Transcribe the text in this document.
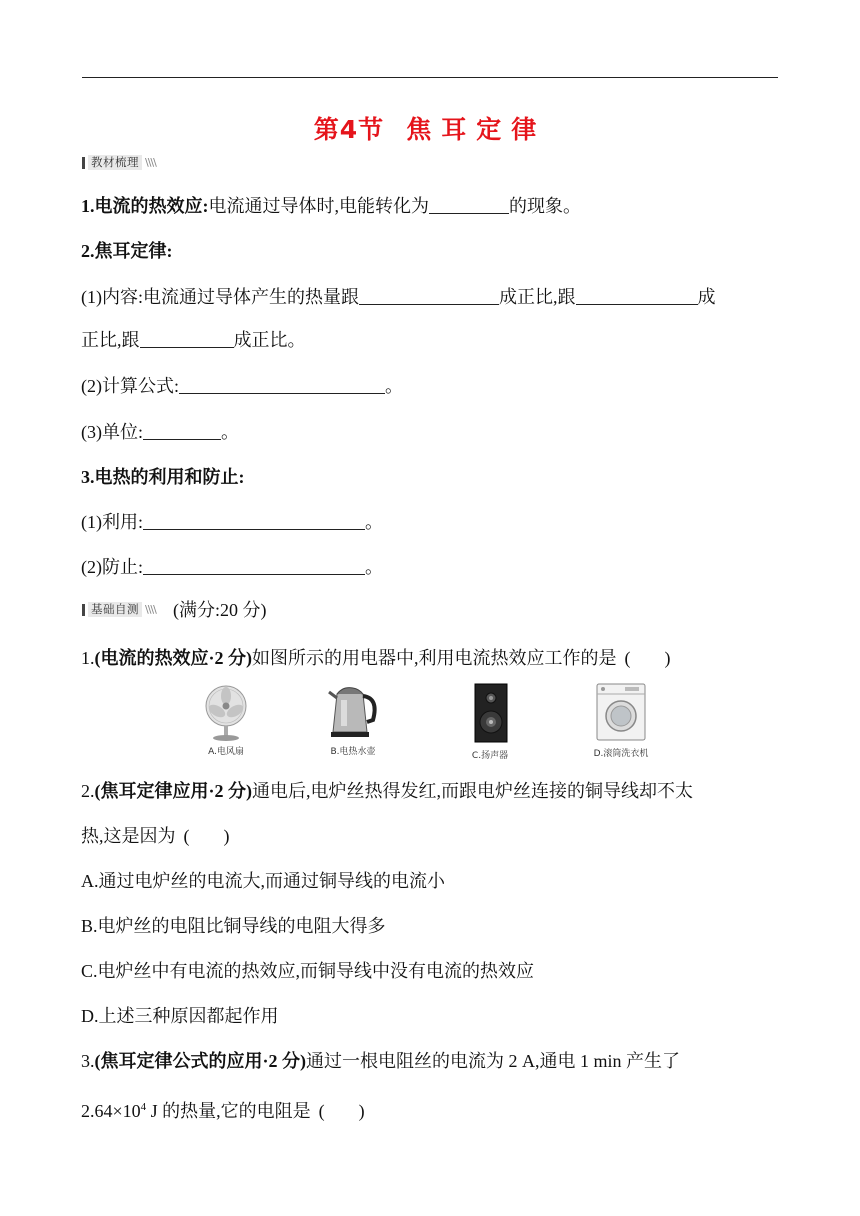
第4节 焦耳定律
教材梳理 \\\\
1.电流的热效应:电流通过导体时,电能转化为	的现象。
2.焦耳定律:
(1)内容:电流通过导体产生的热量跟	成正比,跟	成
正比,跟	成正比。
(2)计算公式:	。
(3)单位:	。
3.电热的利用和防止:
(1)利用:	。
(2)防止:	。
基础自测 \\\\ (满分:20 分)
1.(电流的热效应·2 分)如图所示的用电器中,利用电流热效应工作的是 ( )
A.电风扇	B.电热水壶	C.扬声器	D.滚筒洗衣机
2.(焦耳定律应用·2 分)通电后,电炉丝热得发红,而跟电炉丝连接的铜导线却不太
热,这是因为 ( )
A.通过电炉丝的电流大,而通过铜导线的电流小
B.电炉丝的电阻比铜导线的电阻大得多
C.电炉丝中有电流的热效应,而铜导线中没有电流的热效应
D.上述三种原因都起作用
3.(焦耳定律公式的应用·2 分)通过一根电阻丝的电流为 2 A,通电 1 min 产生了
$2.64\times 10^4$ J 的热量,它的电阻是 ( )
